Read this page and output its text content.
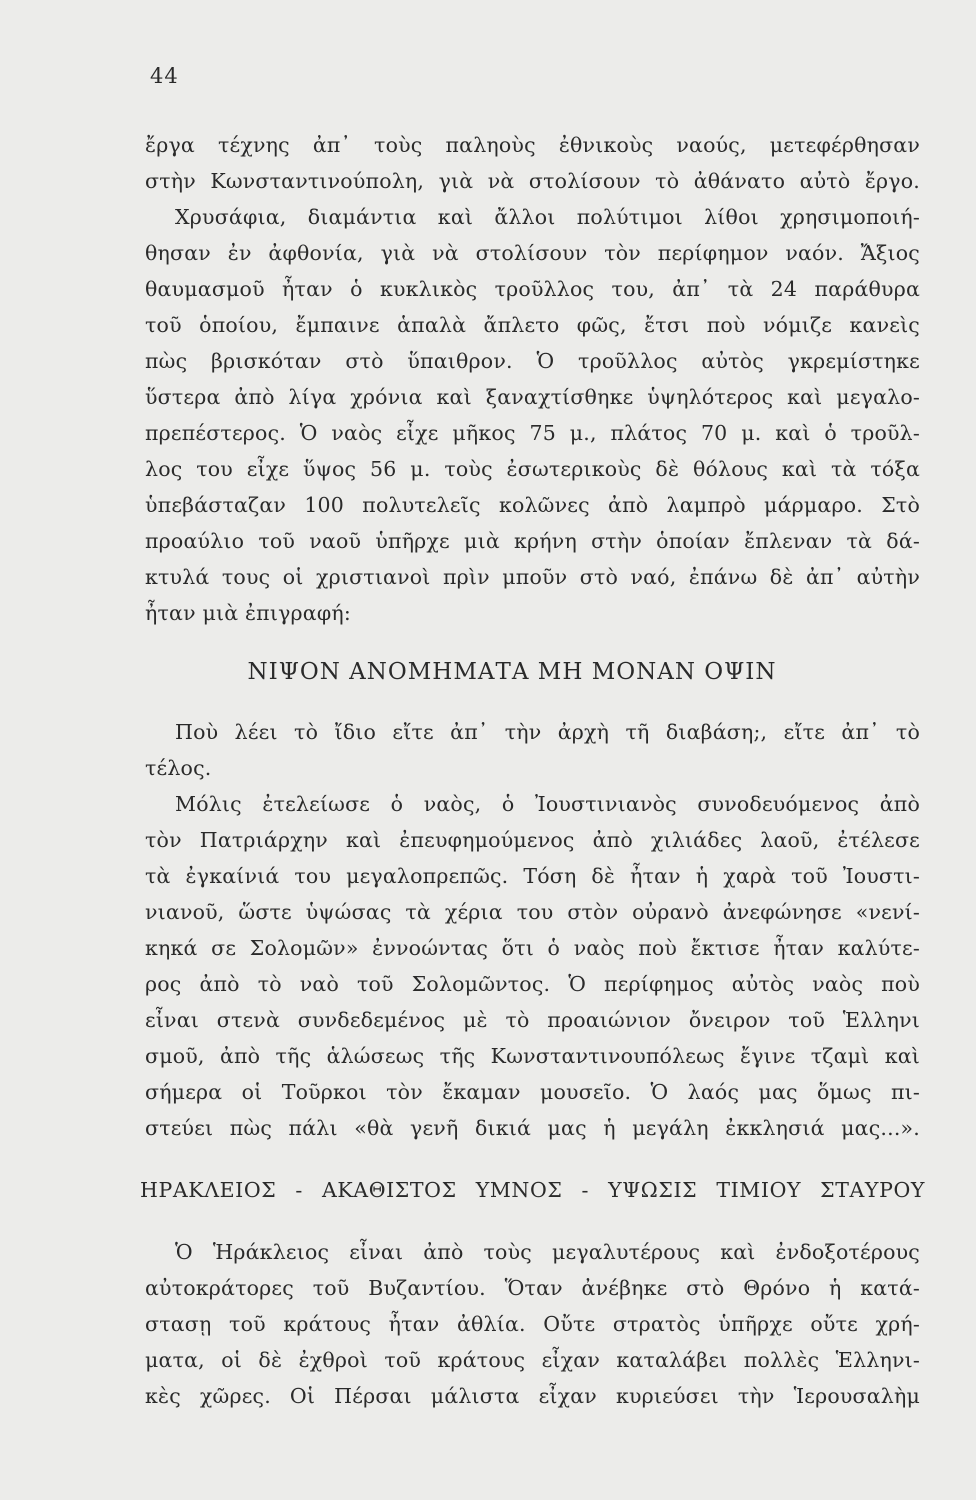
44
ἔργα τέχνης ἀπ᾿ τοὺς παληοὺς ἐθνικοὺς ναούς, μετεφέρθησαν
στὴν Κωνσταντινούπολη, γιὰ νὰ στολίσουν τὸ ἀθάνατο αὐτὸ ἔργο.
Χρυσάφια, διαμάντια καὶ ἄλλοι πολύτιμοι λίθοι χρησιμοποιή-
θησαν ἐν ἀφθονία, γιὰ νὰ στολίσουν τὸν περίφημον ναόν. Ἄξιος
θαυμασμοῦ ἦταν ὁ κυκλικὸς τροῦλλος του, ἀπ᾿ τὰ 24 παράθυρα
τοῦ ὁποίου, ἔμπαινε ἁπαλὰ ἄπλετο φῶς, ἔτσι ποὺ νόμιζε κανεὶς
πὼς βρισκόταν στὸ ὕπαιθρον. Ὁ τροῦλλος αὐτὸς γκρεμίστηκε
ὕστερα ἀπὸ λίγα χρόνια καὶ ξαναχτίσθηκε ὑψηλότερος καὶ μεγαλο-
πρεπέστερος. Ὁ ναὸς εἶχε μῆκος 75 μ., πλάτος 70 μ. καὶ ὁ τροῦλ-
λος του εἶχε ὕψος 56 μ. τοὺς ἐσωτερικοὺς δὲ θόλους καὶ τὰ τόξα
ὑπεβάσταζαν 100 πολυτελεῖς κολῶνες ἀπὸ λαμπρὸ μάρμαρο. Στὸ
προαύλιο τοῦ ναοῦ ὑπῆρχε μιὰ κρήνη στὴν ὁποίαν ἔπλεναν τὰ δά-
κτυλά τους οἱ χριστιανοὶ πρὶν μποῦν στὸ ναό, ἐπάνω δὲ ἀπ᾿ αὐτὴν
ἦταν μιὰ ἐπιγραφή:
ΝΙΨΟΝ ΑΝΟΜΗΜΑΤΑ ΜΗ ΜΟΝΑΝ ΟΨΙΝ
Ποὺ λέει τὸ ἴδιο εἴτε ἀπ᾿ τὴν ἀρχὴ τῆ διαβάση;, εἴτε ἀπ᾿ τὸ
τέλος.
Μόλις ἐτελείωσε ὁ ναὸς, ὁ Ἰουστινιανὸς συνοδευόμενος ἀπὸ
τὸν Πατριάρχην καὶ ἐπευφημούμενος ἀπὸ χιλιάδες λαοῦ, ἐτέλεσε
τὰ ἐγκαίνιά του μεγαλοπρεπῶς. Τόση δὲ ἦταν ἡ χαρὰ τοῦ Ἰουστι-
νιανοῦ, ὥστε ὑψώσας τὰ χέρια του στὸν οὐρανὸ ἀνεφώνησε «νενί-
κηκά σε Σολομῶν» ἐννοώντας ὅτι ὁ ναὸς ποὺ ἔκτισε ἦταν καλύτε-
ρος ἀπὸ τὸ ναὸ τοῦ Σολομῶντος. Ὁ περίφημος αὐτὸς ναὸς ποὺ
εἶναι στενὰ συνδεδεμένος μὲ τὸ προαιώνιον ὄνειρον τοῦ Ἑλληνι
σμοῦ, ἀπὸ τῆς ἁλώσεως τῆς Κωνσταντινουπόλεως ἔγινε τζαμὶ καὶ
σήμερα οἱ Τοῦρκοι τὸν ἔκαμαν μουσεῖο. Ὁ λαός μας ὅμως πι-
στεύει πὼς πάλι «θὰ γενῆ δικιά μας ἡ μεγάλη ἐκκλησιά μας...».
ΗΡΑΚΛΕΙΟΣ - ΑΚΑΘΙΣΤΟΣ ΥΜΝΟΣ - ΥΨΩΣΙΣ ΤΙΜΙΟΥ ΣΤΑΥΡΟΥ
Ὁ Ἡράκλειος εἶναι ἀπὸ τοὺς μεγαλυτέρους καὶ ἐνδοξοτέρους
αὐτοκράτορες τοῦ Βυζαντίου. Ὅταν ἀνέβηκε στὸ Θρόνο ἡ κατά-
στασῃ τοῦ κράτους ἦταν ἀθλία. Οὔτε στρατὸς ὑπῆρχε οὔτε χρή-
ματα, οἱ δὲ ἐχθροὶ τοῦ κράτους εἶχαν καταλάβει πολλὲς Ἑλληνι-
κὲς χῶρες. Οἱ Πέρσαι μάλιστα εἶχαν κυριεύσει τὴν Ἱερουσαλὴμ
